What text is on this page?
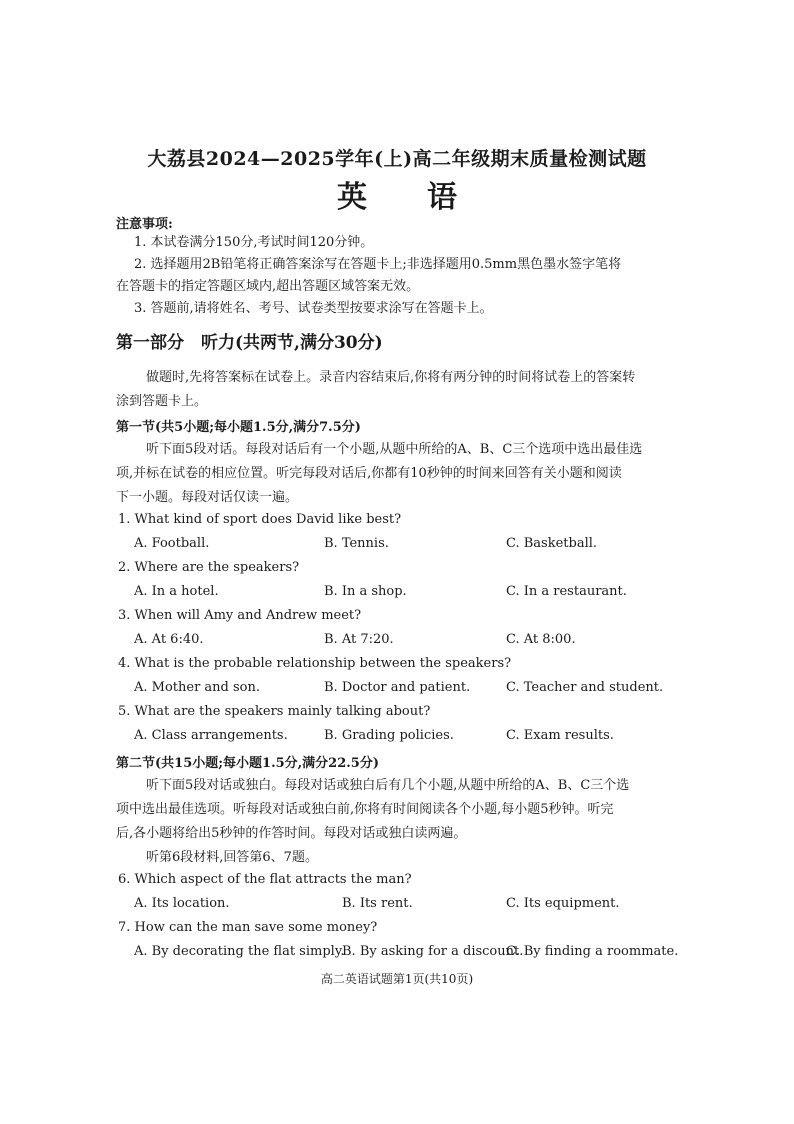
大荔县2024—2025学年(上)高二年级期末质量检测试题
英语
注意事项:
1. 本试卷满分150分,考试时间120分钟。
2. 选择题用2B铅笔将正确答案涂写在答题卡上;非选择题用0.5mm黑色墨水签字笔将
在答题卡的指定答题区域内,超出答题区域答案无效。
3. 答题前,请将姓名、考号、试卷类型按要求涂写在答题卡上。
第一部分　听力(共两节,满分30分)
做题时,先将答案标在试卷上。录音内容结束后,你将有两分钟的时间将试卷上的答案转
涂到答题卡上。
第一节(共5小题;每小题1.5分,满分7.5分)
听下面5段对话。每段对话后有一个小题,从题中所给的A、B、C三个选项中选出最佳选
项,并标在试卷的相应位置。听完每段对话后,你都有10秒钟的时间来回答有关小题和阅读
下一小题。每段对话仅读一遍。
1. What kind of sport does David like best?
A. Football.	B. Tennis.	C. Basketball.
2. Where are the speakers?
A. In a hotel.	B. In a shop.	C. In a restaurant.
3. When will Amy and Andrew meet?
A. At 6:40.	B. At 7:20.	C. At 8:00.
4. What is the probable relationship between the speakers?
A. Mother and son.	B. Doctor and patient.	C. Teacher and student.
5. What are the speakers mainly talking about?
A. Class arrangements.	B. Grading policies.	C. Exam results.
第二节(共15小题;每小题1.5分,满分22.5分)
听下面5段对话或独白。每段对话或独白后有几个小题,从题中所给的A、B、C三个选
项中选出最佳选项。听每段对话或独白前,你将有时间阅读各个小题,每小题5秒钟。听完
后,各小题将给出5秒钟的作答时间。每段对话或独白读两遍。
听第6段材料,回答第6、7题。
6. Which aspect of the flat attracts the man?
A. Its location.	B. Its rent.	C. Its equipment.
7. How can the man save some money?
A. By decorating the flat simply.
B. By asking for a discount.
C. By finding a roommate.
高二英语试题第1页(共10页)
